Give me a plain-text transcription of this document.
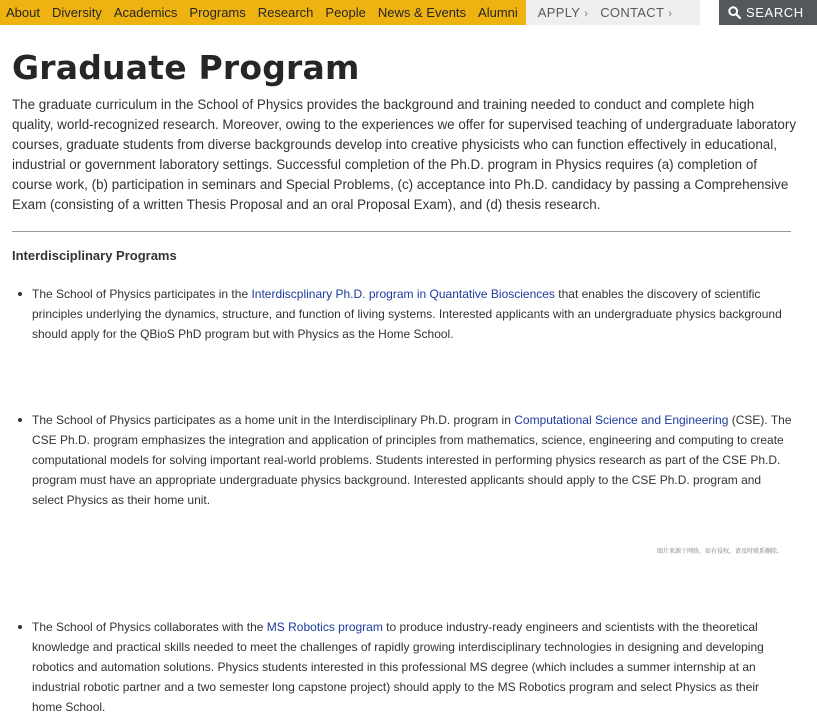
About Diversity Academics Programs Research People News & Events Alumni	APPLY › CONTACT ›	SEARCH
Graduate Program

The graduate curriculum in the School of Physics provides the background and training needed to conduct and complete high quality, world-recognized research. Moreover, owing to the experiences we offer for supervised teaching of undergraduate laboratory courses, graduate students from diverse backgrounds develop into creative physicists who can function effectively in educational, industrial or government laboratory settings. Successful completion of the Ph.D. program in Physics requires (a) completion of course work, (b) participation in seminars and Special Problems, (c) acceptance into Ph.D. candidacy by passing a Comprehensive Exam (consisting of a written Thesis Proposal and an oral Proposal Exam), and (d) thesis research.

Interdisciplinary Programs
The School of Physics participates in the Interdiscplinary Ph.D. program in Quantative Biosciences that enables the discovery of scientific principles underlying the dynamics, structure, and function of living systems. Interested applicants with an undergraduate physics background should apply for the QBioS PhD program but with Physics as the Home School.
The School of Physics participates as a home unit in the Interdisciplinary Ph.D. program in Computational Science and Engineering (CSE). The CSE Ph.D. program emphasizes the integration and application of principles from mathematics, science, engineering and computing to create computational models for solving important real-world problems. Students interested in performing physics research as part of the CSE Ph.D. program must have an appropriate undergraduate physics background. Interested applicants should apply to the CSE Ph.D. program and select Physics as their home unit.
The School of Physics collaborates with the MS Robotics program to produce industry-ready engineers and scientists with the theoretical knowledge and practical skills needed to meet the challenges of rapidly growing interdisciplinary technologies in designing and developing robotics and automation solutions. Physics students interested in this professional MS degree (which includes a summer internship at an industrial robotic partner and a two semester long capstone project) should apply to the MS Robotics program and select Physics as their home School.
图片来源于网络，如有侵权，请及时联系删除。
